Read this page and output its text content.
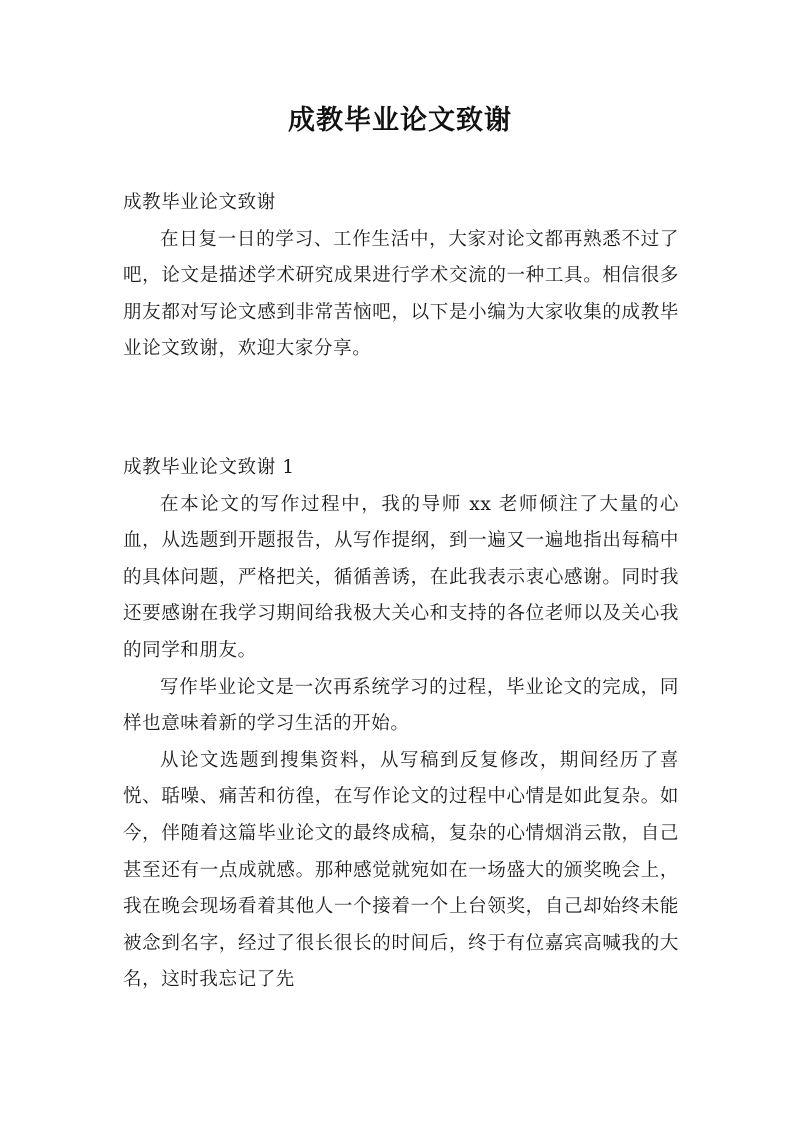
成教毕业论文致谢

成教毕业论文致谢

在日复一日的学习、工作生活中，大家对论文都再熟悉不过了吧，论文是描述学术研究成果进行学术交流的一种工具。相信很多朋友都对写论文感到非常苦恼吧，以下是小编为大家收集的成教毕业论文致谢，欢迎大家分享。

成教毕业论文致谢 1

在本论文的写作过程中，我的导师 xx 老师倾注了大量的心血，从选题到开题报告，从写作提纲，到一遍又一遍地指出每稿中的具体问题，严格把关，循循善诱，在此我表示衷心感谢。同时我还要感谢在我学习期间给我极大关心和支持的各位老师以及关心我的同学和朋友。

写作毕业论文是一次再系统学习的过程，毕业论文的完成，同样也意味着新的学习生活的开始。

从论文选题到搜集资料，从写稿到反复修改，期间经历了喜悦、聒噪、痛苦和彷徨，在写作论文的过程中心情是如此复杂。如今，伴随着这篇毕业论文的最终成稿，复杂的心情烟消云散，自己甚至还有一点成就感。那种感觉就宛如在一场盛大的颁奖晚会上，我在晚会现场看着其他人一个接着一个上台领奖，自己却始终未能被念到名字，经过了很长很长的时间后，终于有位嘉宾高喊我的大名，这时我忘记了先
